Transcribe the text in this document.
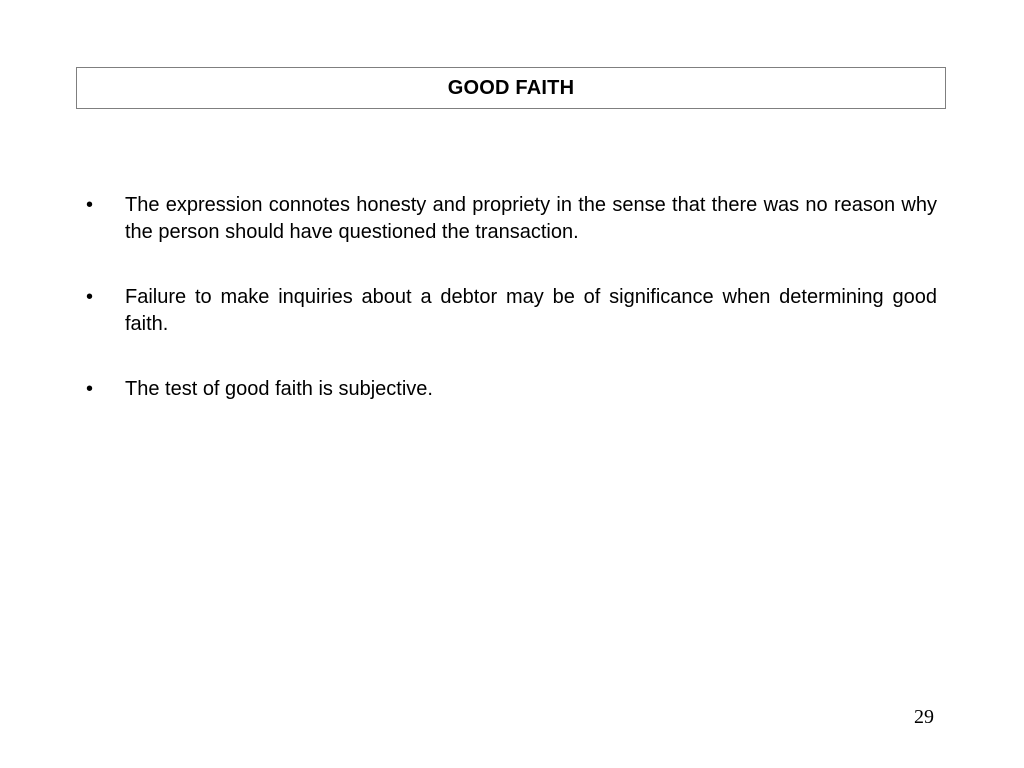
GOOD FAITH
•	The expression connotes honesty and propriety in the sense that there was no reason why the person should have questioned the transaction.
•	Failure to make inquiries about a debtor may be of significance when determining good faith.
•	The test of good faith is subjective.
29
